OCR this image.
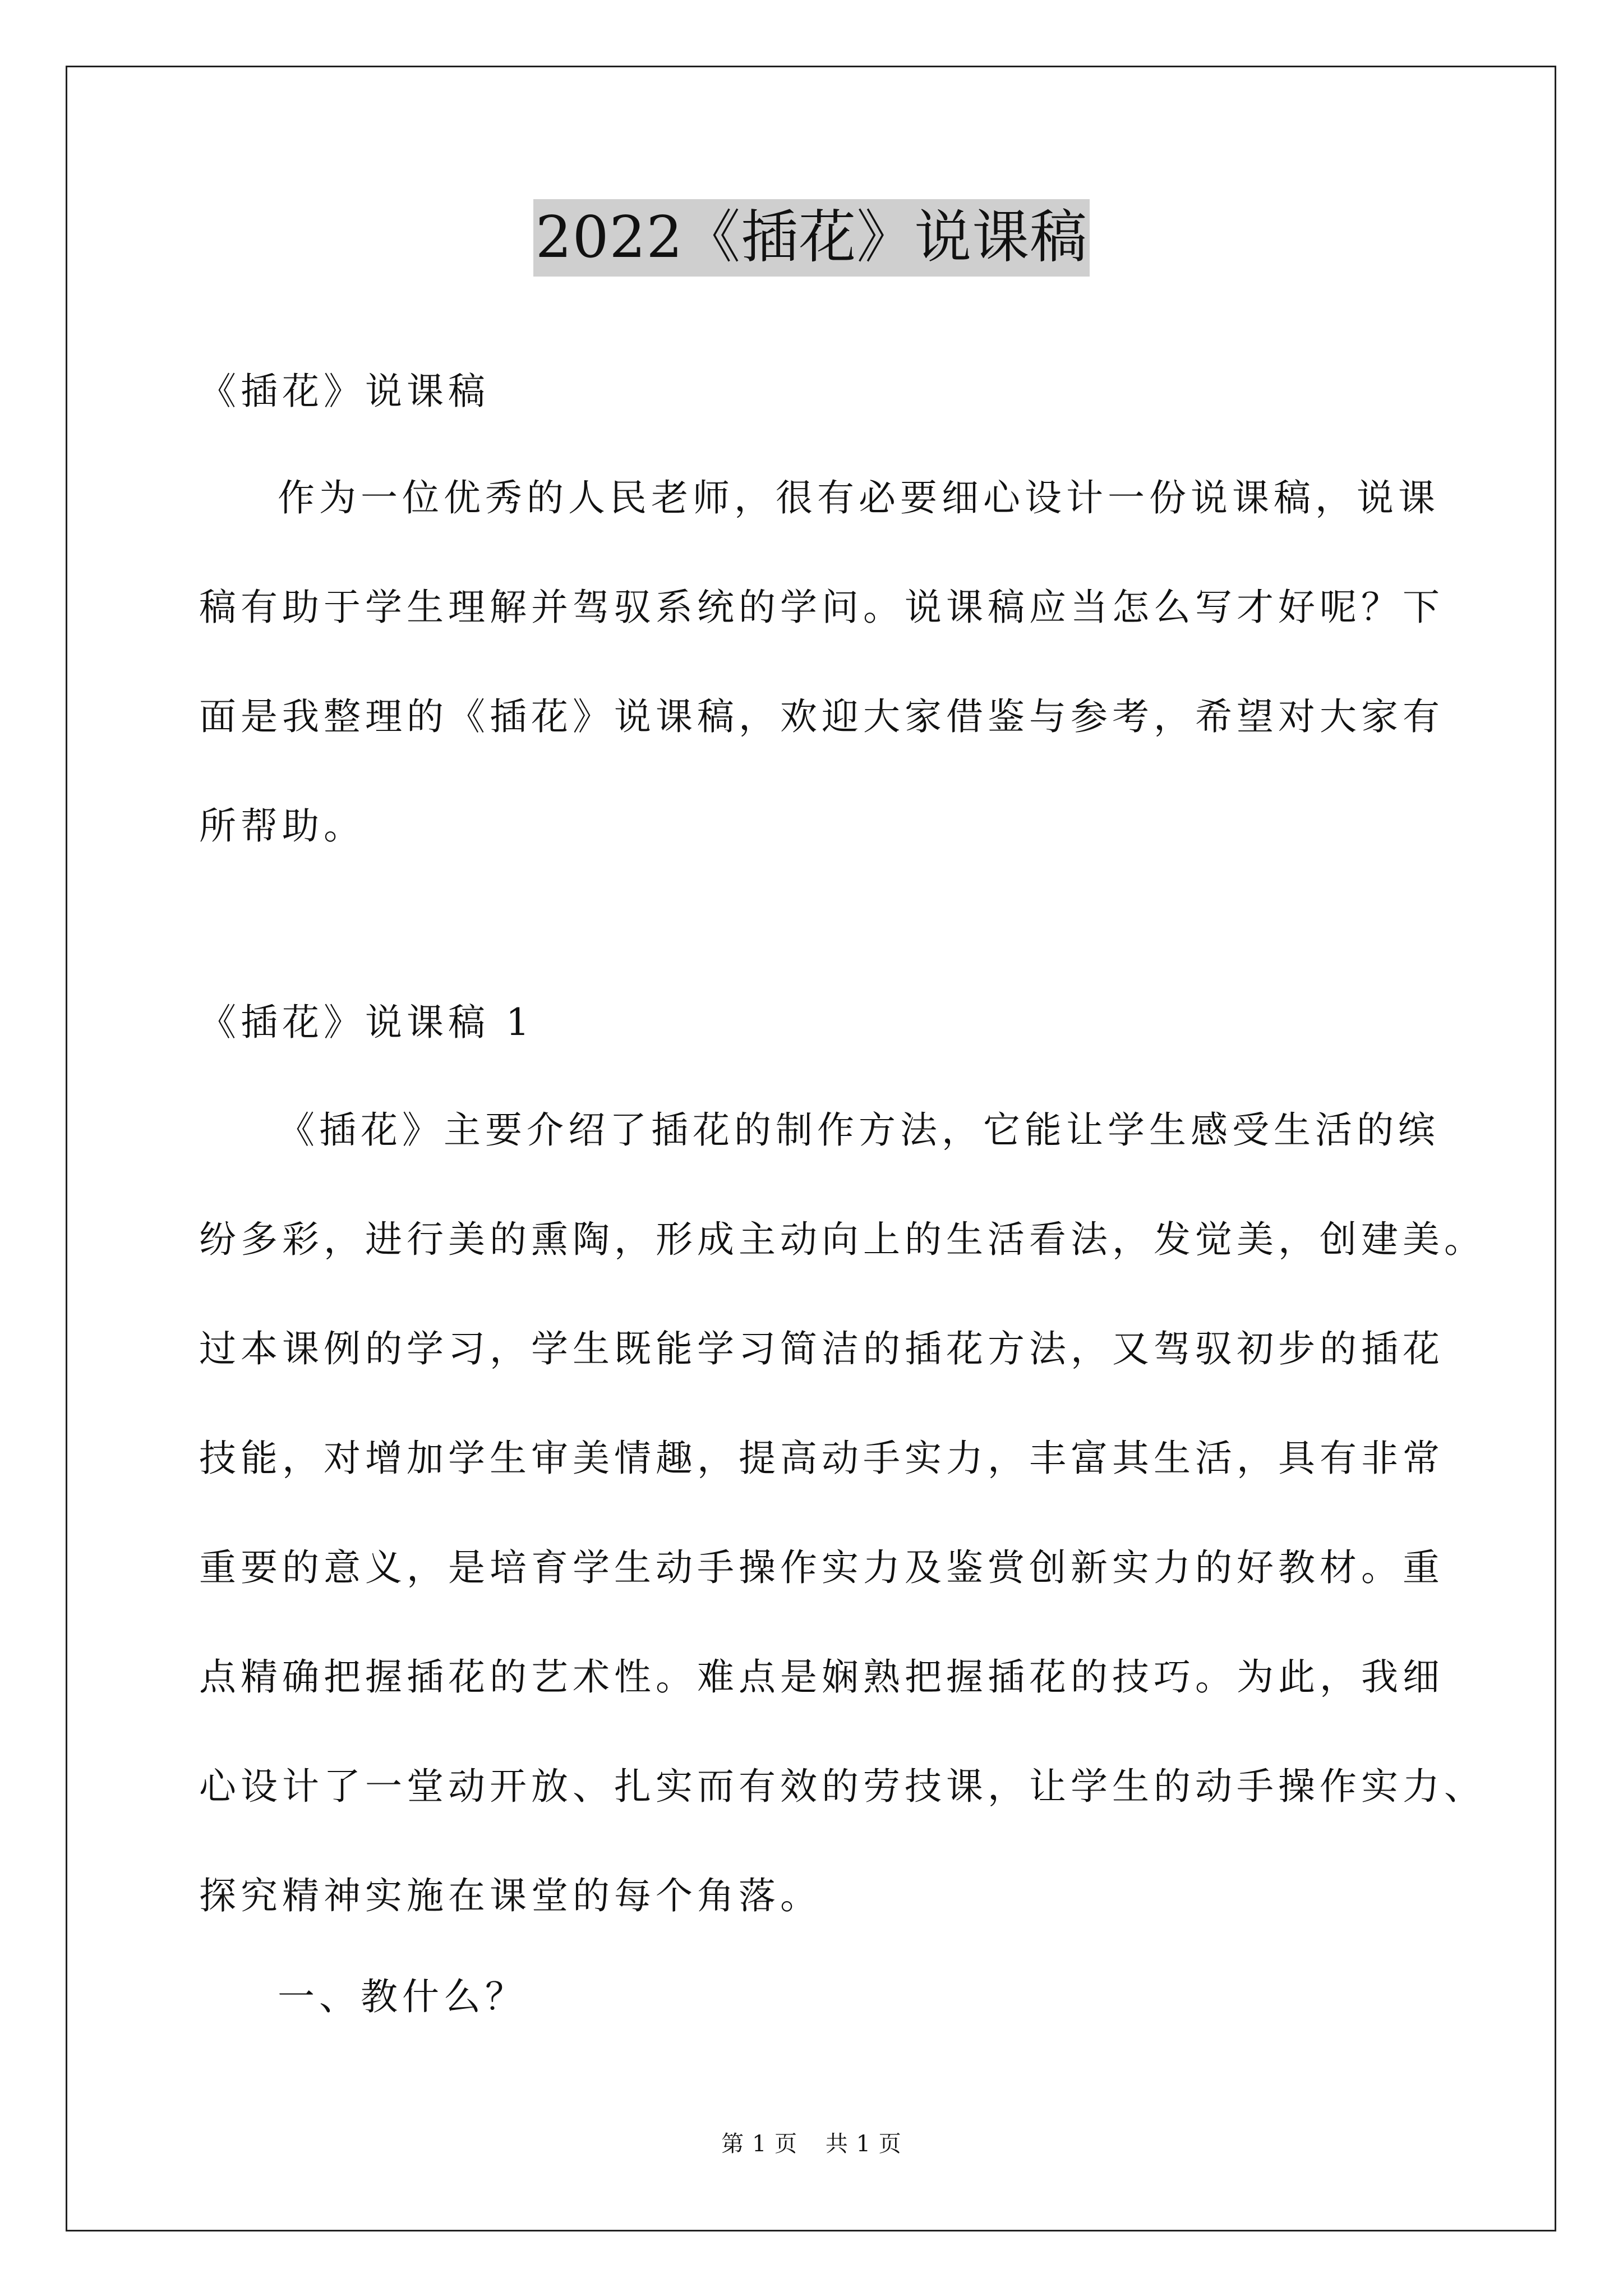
2022《插花》说课稿

《插花》说课稿

作为一位优秀的人民老师，很有必要细心设计一份说课稿，说课
稿有助于学生理解并驾驭系统的学问。说课稿应当怎么写才好呢？下
面是我整理的《插花》说课稿，欢迎大家借鉴与参考，希望对大家有
所帮助。

《插花》说课稿 1

《插花》主要介绍了插花的制作方法，它能让学生感受生活的缤
纷多彩，进行美的熏陶，形成主动向上的生活看法，发觉美，创建美。
过本课例的学习，学生既能学习简洁的插花方法，又驾驭初步的插花
技能，对增加学生审美情趣，提高动手实力，丰富其生活，具有非常
重要的意义，是培育学生动手操作实力及鉴赏创新实力的好教材。重
点精确把握插花的艺术性。难点是娴熟把握插花的技巧。为此，我细
心设计了一堂动开放、扎实而有效的劳技课，让学生的动手操作实力、
探究精神实施在课堂的每个角落。

一、教什么？

第 1 页 共 1 页
